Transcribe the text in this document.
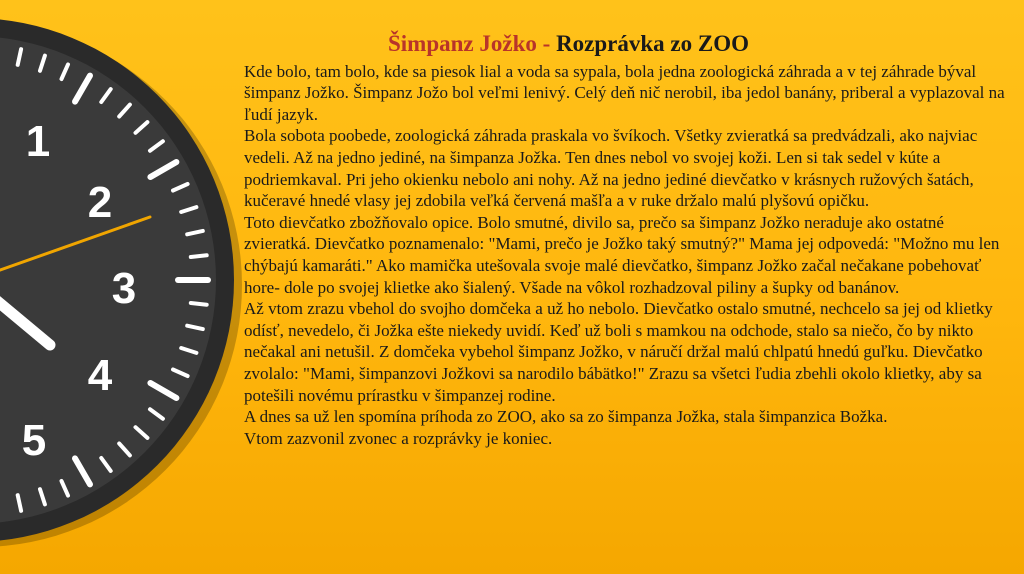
1
2
3
4
5
Šimpanz Jožko - Rozprávka zo ZOO

Kde bolo, tam bolo, kde sa piesok lial a voda sa sypala, bola jedna zoologická záhrada a v tej záhrade býval šimpanz Jožko. Šimpanz Jožo bol veľmi lenivý. Celý deň nič nerobil, iba jedol banány, priberal a vyplazoval na ľudí jazyk.

Bola sobota poobede, zoologická záhrada praskala vo švíkoch. Všetky zvieratká sa predvádzali, ako najviac vedeli. Až na jedno jediné, na šimpanza Jožka. Ten dnes nebol vo svojej koži. Len si tak sedel v kúte a podriemkaval. Pri jeho okienku nebolo ani nohy. Až na jedno jediné dievčatko v krásnych ružových šatách, kučeravé hnedé vlasy jej zdobila veľká červená mašľa a v ruke držalo malú plyšovú opičku.

Toto dievčatko zbožňovalo opice. Bolo smutné, divilo sa, prečo sa šimpanz Jožko neraduje ako ostatné zvieratká. Dievčatko poznamenalo: "Mami, prečo je Jožko taký smutný?" Mama jej odpovedá: "Možno mu len chýbajú kamaráti." Ako mamička utešovala svoje malé dievčatko, šimpanz Jožko začal nečakane pobehovať hore- dole po svojej klietke ako šialený. Všade na vôkol rozhadzoval piliny a šupky od banánov.

Až vtom zrazu vbehol do svojho domčeka a už ho nebolo. Dievčatko ostalo smutné, nechcelo sa jej od klietky odísť, nevedelo, či Jožka ešte niekedy uvidí. Keď už boli s mamkou na odchode, stalo sa niečo, čo by nikto nečakal ani netušil. Z domčeka vybehol šimpanz Jožko, v náručí držal malú chlpatú hnedú guľku. Dievčatko zvolalo: "Mami, šimpanzovi Jožkovi sa narodilo bábätko!" Zrazu sa všetci ľudia zbehli okolo klietky, aby sa potešili novému prírastku v šimpanzej rodine.

A dnes sa už len spomína príhoda zo ZOO, ako sa zo šimpanza Jožka, stala šimpanzica Božka.

Vtom zazvonil zvonec a rozprávky je koniec.
